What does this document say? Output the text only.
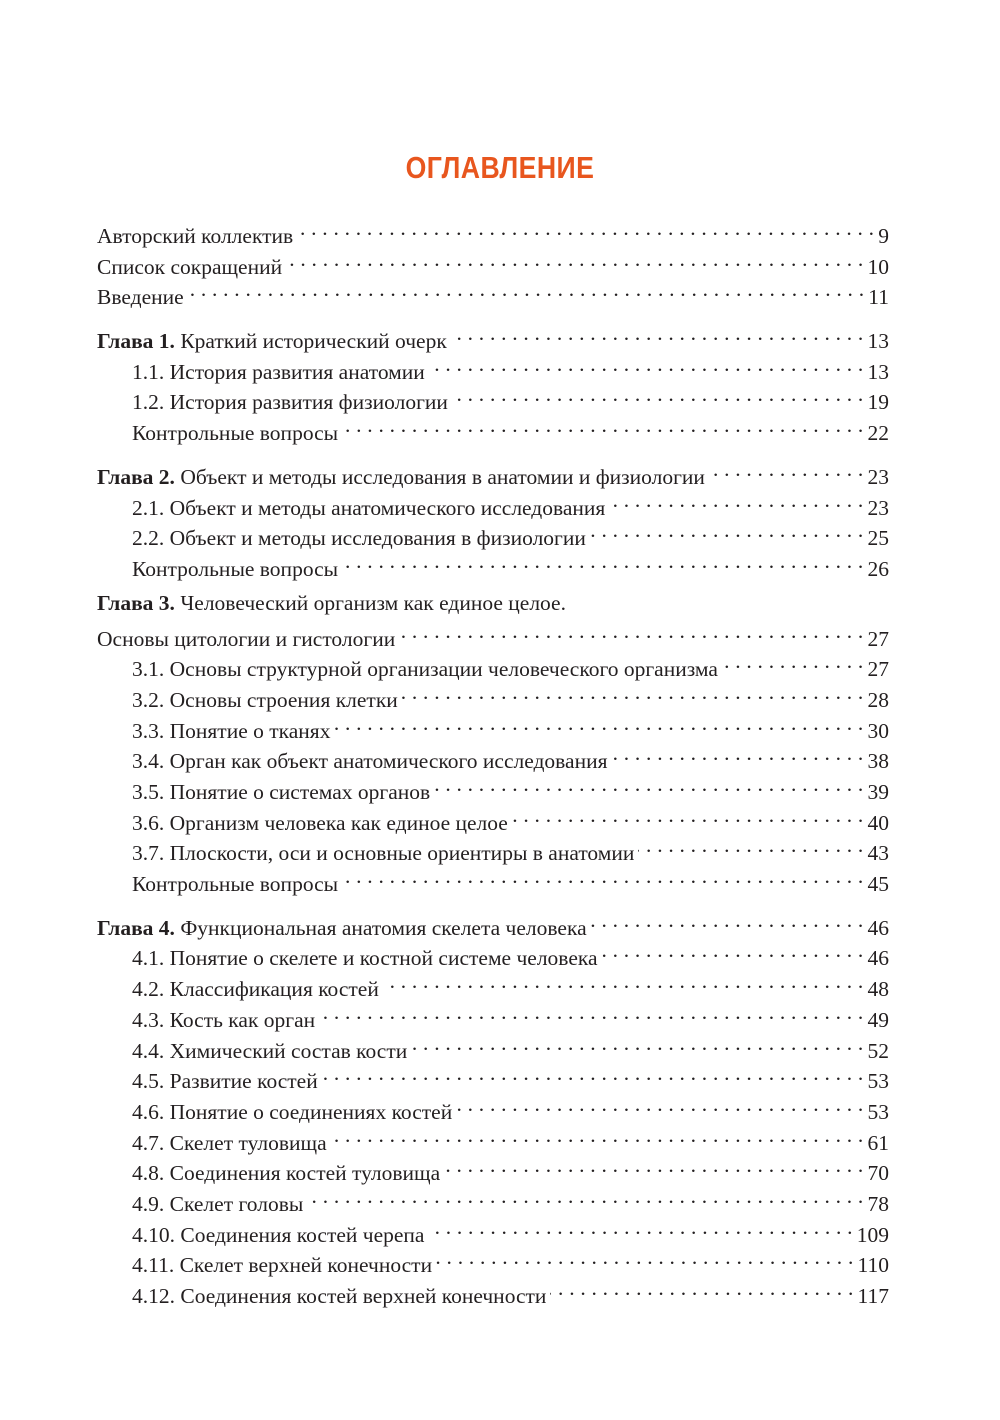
ОГЛАВЛЕНИЕ
Авторский коллектив . . .	9
Список сокращений . . .	10
Введение . . .	11
Глава 1. Краткий исторический очерк . . .	13
1.1. История развития анатомии . . .	13
1.2. История развития физиологии . . .	19
Контрольные вопросы . . .	22
Глава 2. Объект и методы исследования в анатомии и физиологии . . .	23
2.1. Объект и методы анатомического исследования . . .	23
2.2. Объект и методы исследования в физиологии . . .	25
Контрольные вопросы . . .	26
Глава 3. Человеческий организм как единое целое.
Основы цитологии и гистологии . . .	27
3.1. Основы структурной организации человеческого организма . . .	27
3.2. Основы строения клетки . . .	28
3.3. Понятие о тканях . . .	30
3.4. Орган как объект анатомического исследования . . .	38
3.5. Понятие о системах органов . . .	39
3.6. Организм человека как единое целое . . .	40
3.7. Плоскости, оси и основные ориентиры в анатомии . . .	43
Контрольные вопросы . . .	45
Глава 4. Функциональная анатомия скелета человека . . .	46
4.1. Понятие о скелете и костной системе человека . . .	46
4.2. Классификация костей . . .	48
4.3. Кость как орган . . .	49
4.4. Химический состав кости . . .	52
4.5. Развитие костей . . .	53
4.6. Понятие о соединениях костей . . .	53
4.7. Скелет туловища . . .	61
4.8. Соединения костей туловища . . .	70
4.9. Скелет головы . . .	78
4.10. Соединения костей черепа . . .	109
4.11. Скелет верхней конечности . . .	110
4.12. Соединения костей верхней конечности . . .	117
